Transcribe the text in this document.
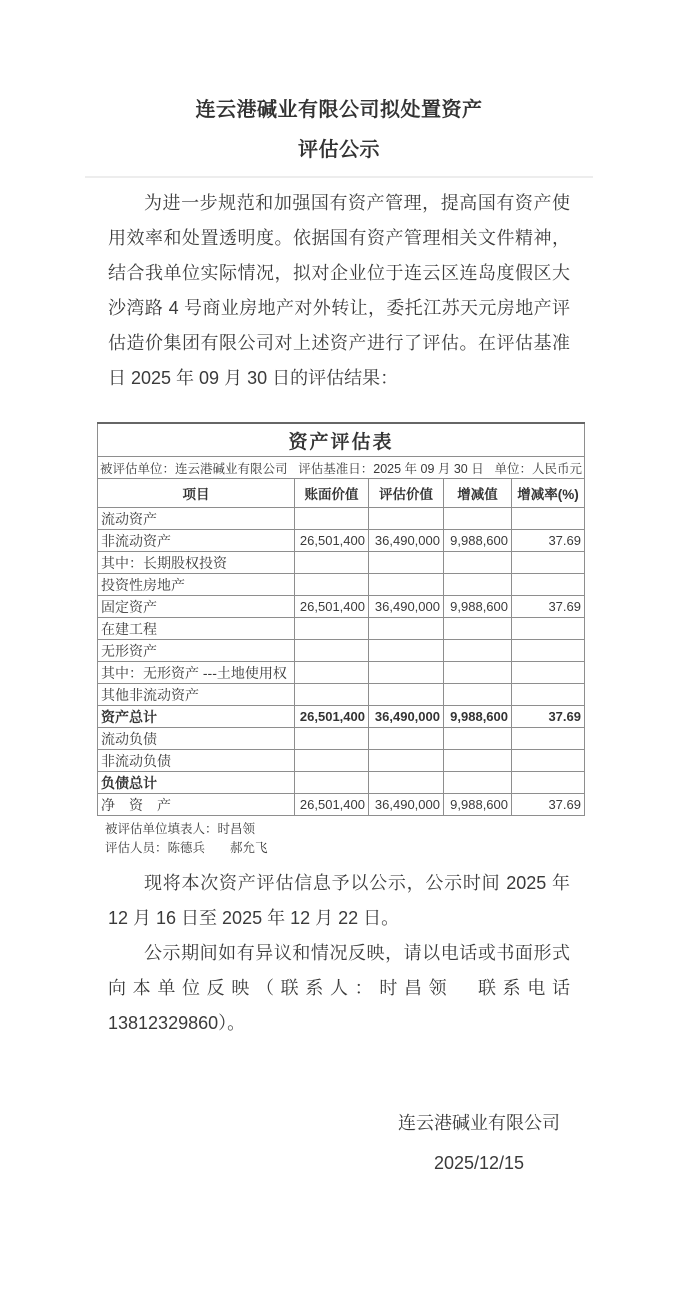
连云港碱业有限公司拟处置资产
评估公示

为进一步规范和加强国有资产管理，提高国有资产使用效率和处置透明度。依据国有资产管理相关文件精神，结合我单位实际情况，拟对企业位于连云区连岛度假区大沙湾路 4 号商业房地产对外转让，委托江苏天元房地产评估造价集团有限公司对上述资产进行了评估。在评估基准日 2025 年 09 月 30 日的评估结果：

资产评估表				

被评估单位：连云港碱业有限公司 评估基准日：2025 年 09 月 30 日 单位：人民币元				

项目	账面价值	评估价值	增减值	增减率(%)
流动资产				
非流动资产	26,501,400	36,490,000	9,988,600	37.69
其中：长期股权投资				
投资性房地产				
固定资产	26,501,400	36,490,000	9,988,600	37.69
在建工程				
无形资产				
其中：无形资产 ---土地使用权				
其他非流动资产				
资产总计	26,501,400	36,490,000	9,988,600	37.69
流动负债				
非流动负债				
负债总计				
净　资　产	26,501,400	36,490,000	9,988,600	37.69
被评估单位填表人：时昌领
评估人员：陈德兵　　郝允飞

现将本次资产评估信息予以公示，公示时间 2025 年 12 月 16 日至 2025 年 12 月 22 日。

公示期间如有异议和情况反映，请以电话或书面形式向本单位反映（联系人：时昌领　联系电话　13812329860）。

连云港碱业有限公司
2025/12/15
